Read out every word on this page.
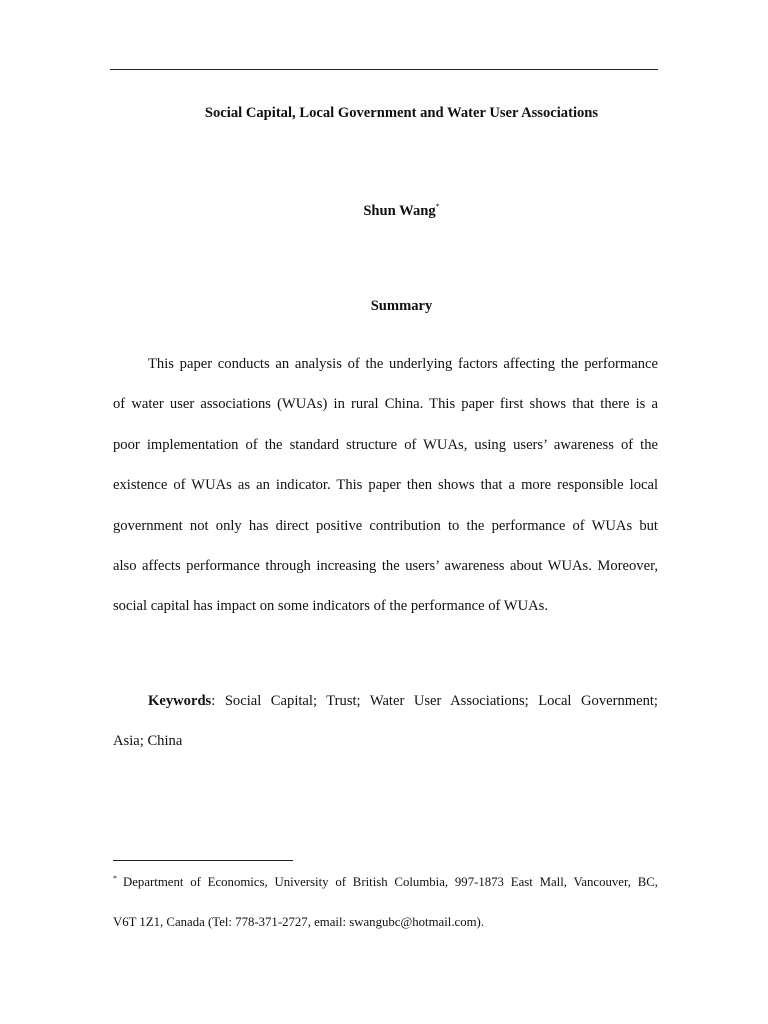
Social Capital, Local Government and Water User Associations
Shun Wang*
Summary
This paper conducts an analysis of the underlying factors affecting the performance
of water user associations (WUAs) in rural China. This paper first shows that there is a
poor implementation of the standard structure of WUAs, using users’ awareness of the
existence of WUAs as an indicator. This paper then shows that a more responsible local
government not only has direct positive contribution to the performance of WUAs but
also affects performance through increasing the users’ awareness about WUAs. Moreover,
social capital has impact on some indicators of the performance of WUAs.
Keywords: Social Capital; Trust; Water User Associations; Local Government;
Asia; China
* Department of Economics, University of British Columbia, 997-1873 East Mall, Vancouver, BC,
V6T 1Z1, Canada (Tel: 778-371-2727, email: swangubc@hotmail.com).
